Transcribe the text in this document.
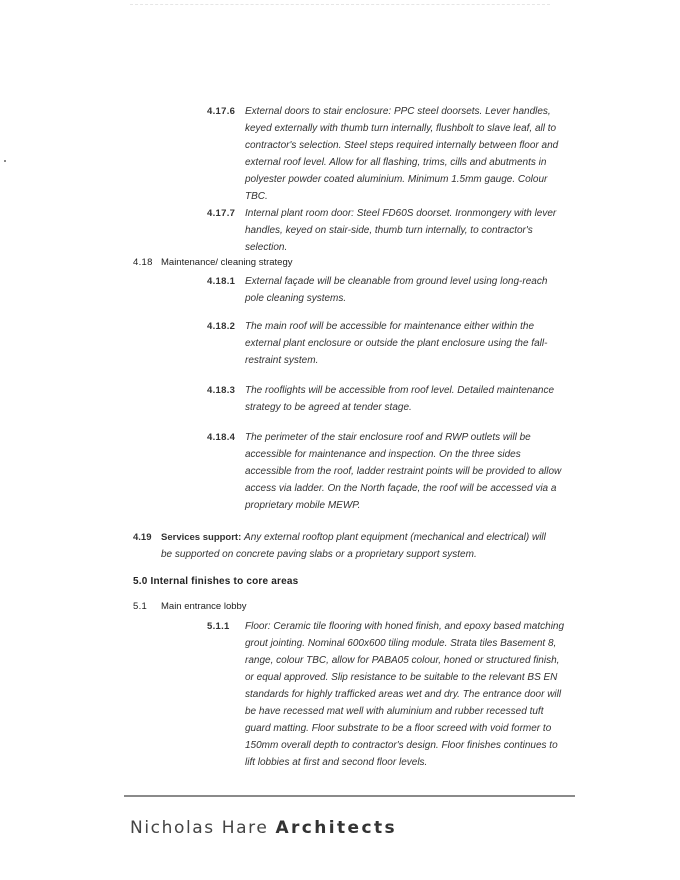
4.17.6 External doors to stair enclosure: PPC steel doorsets. Lever handles, keyed externally with thumb turn internally, flushbolt to slave leaf, all to contractor's selection. Steel steps required internally between floor and external roof level. Allow for all flashing, trims, cills and abutments in polyester powder coated aluminium. Minimum 1.5mm gauge. Colour TBC.
4.17.7 Internal plant room door: Steel FD60S doorset. Ironmongery with lever handles, keyed on stair-side, thumb turn internally, to contractor's selection.
4.18 Maintenance/ cleaning strategy
4.18.1 External façade will be cleanable from ground level using long-reach pole cleaning systems.
4.18.2 The main roof will be accessible for maintenance either within the external plant enclosure or outside the plant enclosure using the fall-restraint system.
4.18.3 The rooflights will be accessible from roof level. Detailed maintenance strategy to be agreed at tender stage.
4.18.4 The perimeter of the stair enclosure roof and RWP outlets will be accessible for maintenance and inspection. On the three sides accessible from the roof, ladder restraint points will be provided to allow access via ladder. On the North façade, the roof will be accessed via a proprietary mobile MEWP.
4.19 Services support: Any external rooftop plant equipment (mechanical and electrical) will be supported on concrete paving slabs or a proprietary support system.
5.0 Internal finishes to core areas
5.1 Main entrance lobby
5.1.1 Floor: Ceramic tile flooring with honed finish, and epoxy based matching grout jointing. Nominal 600x600 tiling module. Strata tiles Basement 8, range, colour TBC, allow for PABA05 colour, honed or structured finish, or equal approved. Slip resistance to be suitable to the relevant BS EN standards for highly trafficked areas wet and dry. The entrance door will be have recessed mat well with aluminium and rubber recessed tuft guard matting. Floor substrate to be a floor screed with void former to 150mm overall depth to contractor's design. Floor finishes continues to lift lobbies at first and second floor levels.
Nicholas Hare Architects
